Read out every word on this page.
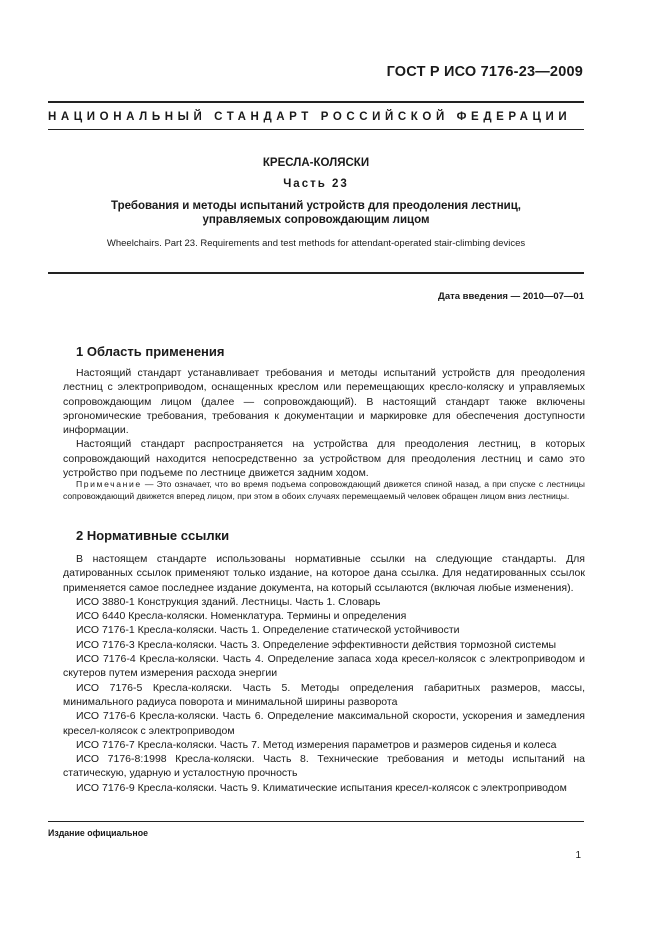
ГОСТ Р ИСО 7176-23—2009
НАЦИОНАЛЬНЫЙ СТАНДАРТ РОССИЙСКОЙ ФЕДЕРАЦИИ
КРЕСЛА-КОЛЯСКИ
Часть 23
Требования и методы испытаний устройств для преодоления лестниц,
управляемых сопровождающим лицом
Wheelchairs. Part 23. Requirements and test methods for attendant-operated stair-climbing devices
Дата введения — 2010—07—01
1 Область применения

Настоящий стандарт устанавливает требования и методы испытаний устройств для преодоления лестниц с электроприводом, оснащенных креслом или перемещающих кресло-коляску и управляемых сопровождающим лицом (далее — сопровождающий). В настоящий стандарт также включены эргономические требования, требования к документации и маркировке для обеспечения доступности информации.

Настоящий стандарт распространяется на устройства для преодоления лестниц, в которых сопровождающий находится непосредственно за устройством для преодоления лестниц и само это устройство при подъеме по лестнице движется задним ходом.

Примечание — Это означает, что во время подъема сопровождающий движется спиной назад, а при спуске с лестницы сопровождающий движется вперед лицом, при этом в обоих случаях перемещаемый человек обращен лицом вниз лестницы.

2 Нормативные ссылки

В настоящем стандарте использованы нормативные ссылки на следующие стандарты. Для датированных ссылок применяют только издание, на которое дана ссылка. Для недатированных ссылок применяется самое последнее издание документа, на который ссылаются (включая любые изменения).

ИСО 3880-1 Конструкция зданий. Лестницы. Часть 1. Словарь

ИСО 6440 Кресла-коляски. Номенклатура. Термины и определения

ИСО 7176-1 Кресла-коляски. Часть 1. Определение статической устойчивости

ИСО 7176-3 Кресла-коляски. Часть 3. Определение эффективности действия тормозной системы

ИСО 7176-4 Кресла-коляски. Часть 4. Определение запаса хода кресел-колясок с электроприводом и скутеров путем измерения расхода энергии

ИСО 7176-5 Кресла-коляски. Часть 5. Методы определения габаритных размеров, массы, минимального радиуса поворота и минимальной ширины разворота

ИСО 7176-6 Кресла-коляски. Часть 6. Определение максимальной скорости, ускорения и замедления кресел-колясок с электроприводом

ИСО 7176-7 Кресла-коляски. Часть 7. Метод измерения параметров и размеров сиденья и колеса

ИСО 7176-8:1998 Кресла-коляски. Часть 8. Технические требования и методы испытаний на статическую, ударную и усталостную прочность

ИСО 7176-9 Кресла-коляски. Часть 9. Климатические испытания кресел-колясок с электроприводом

Издание официальное
1
